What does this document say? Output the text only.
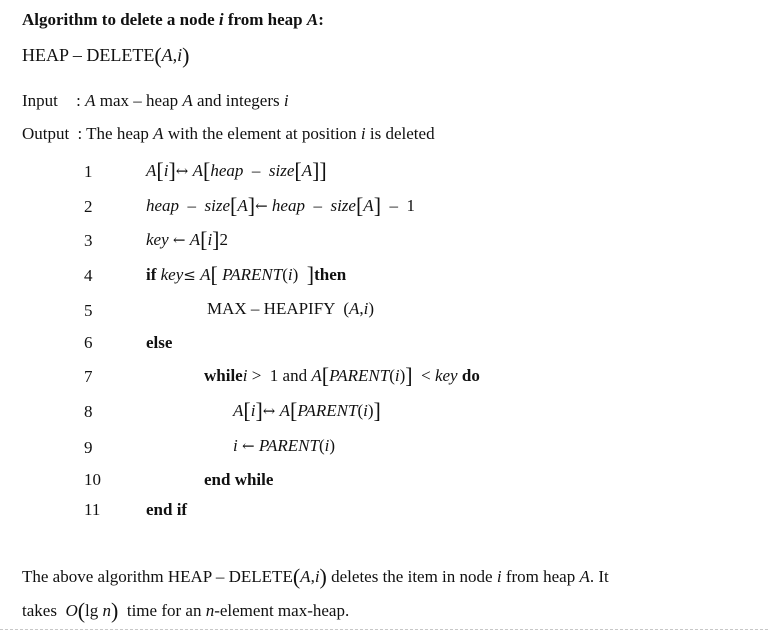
Algorithm to delete a node i from heap A:
HEAP – DELETE(A,i)
Input : A max – heap A and integers i
Output : The heap A with the element at position i is deleted
1	A[i]↔ A[heap  –  size[A]]
2	heap  –  size[A]← heap  –  size[A]  –  1
3	key ← A[i]2
4	if key≤ A[ PARENT(i)  ]then
5	MAX – HEAPIFY  (A,i)
6	else
7	whilei >  1 and A[PARENT(i)]  < key do
8	A[i]↔ A[PARENT(i)]
9	i ← PARENT(i)
10	end while
11	end if
The above algorithm HEAP – DELETE(A,i) deletes the item in node i from heap A. It
takes  O(lg n)  time for an n-element max-heap.
